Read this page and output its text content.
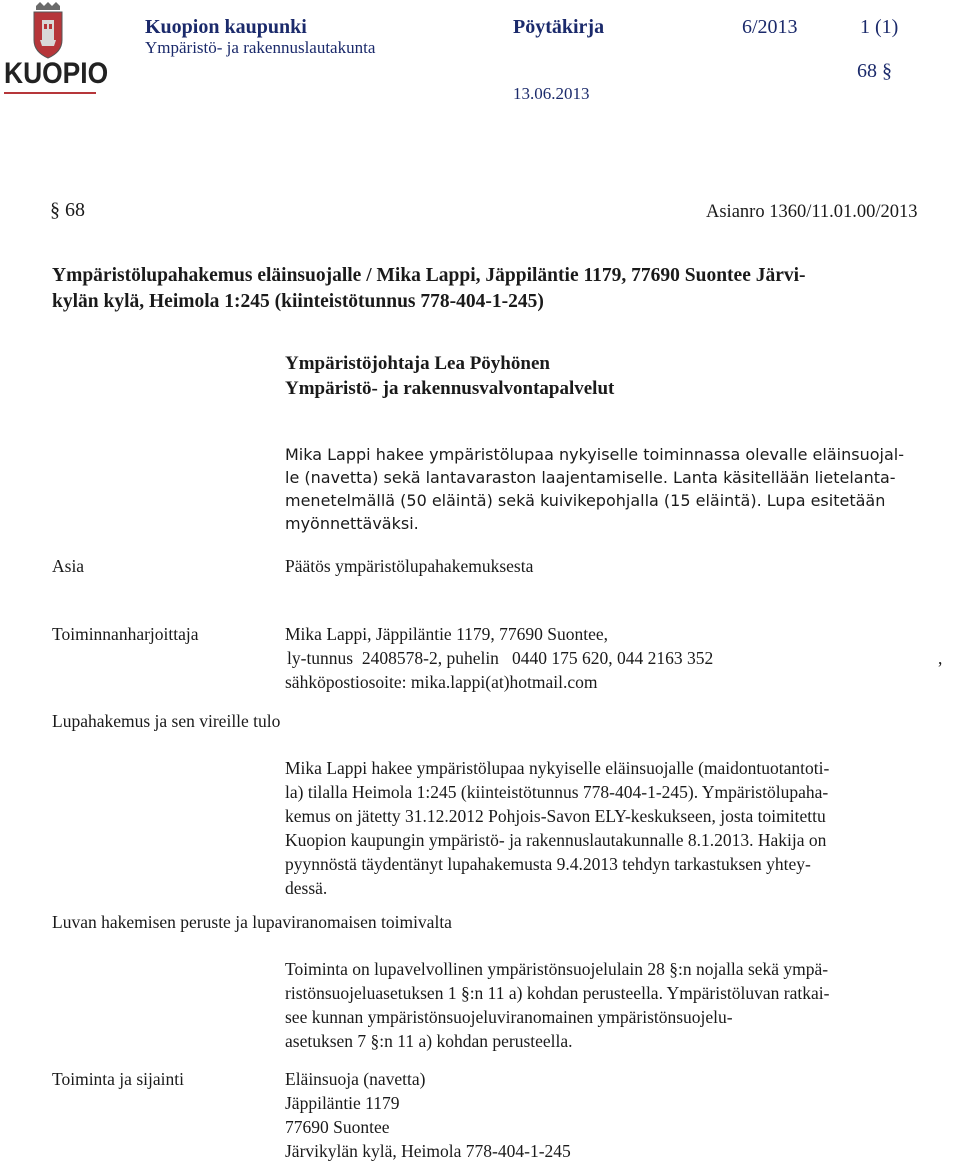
KUOPIO
Kuopion kaupunki
Ympäristö- ja rakennuslautakunta
Pöytäkirja	6/2013	1 (1)
68 §
13.06.2013
§ 68	Asianro 1360/11.01.00/2013
Ympäristölupahakemus eläinsuojalle / Mika Lappi, Jäppiläntie 1179, 77690 Suontee Järvi-
kylän kylä, Heimola 1:245 (kiinteistötunnus 778-404-1-245)
Ympäristöjohtaja Lea Pöyhönen
Ympäristö- ja rakennusvalvontapalvelut
Mika Lappi hakee ympäristölupaa nykyiselle toiminnassa olevalle eläinsuojal-
le (navetta) sekä lantavaraston laajentamiselle. Lanta käsitellään lietelanta-
menetelmällä (50 eläintä) sekä kuivikepohjalla (15 eläintä). Lupa esitetään
myönnettäväksi.
Asia	Päätös ympäristölupahakemuksesta
Toiminnanharjoittaja	Mika Lappi, Jäppiläntie 1179, 77690 Suontee,
ly-tunnus  2408578-2, puhelin   0440 175 620, 044 2163 352	,
sähköpostiosoite: mika.lappi(at)hotmail.com
Lupahakemus ja sen vireille tulo
Mika Lappi hakee ympäristölupaa nykyiselle eläinsuojalle (maidontuotantoti-
la) tilalla Heimola 1:245 (kiinteistötunnus 778-404-1-245). Ympäristölupaha-
kemus on jätetty 31.12.2012 Pohjois-Savon ELY-keskukseen, josta toimitettu
Kuopion kaupungin ympäristö- ja rakennuslautakunnalle 8.1.2013. Hakija on
pyynnöstä täydentänyt lupahakemusta 9.4.2013 tehdyn tarkastuksen yhtey-
dessä.
Luvan hakemisen peruste ja lupaviranomaisen toimivalta
Toiminta on lupavelvollinen ympäristönsuojelulain 28 §:n nojalla sekä ympä-
ristönsuojeluasetuksen 1 §:n 11 a) kohdan perusteella. Ympäristöluvan ratkai-
see kunnan ympäristönsuojeluviranomainen ympäristönsuojelu-
asetuksen 7 §:n 11 a) kohdan perusteella.
Toiminta ja sijainti	Eläinsuoja (navetta)
Jäppiläntie 1179
77690 Suontee
Järvikylän kylä, Heimola 778-404-1-245
